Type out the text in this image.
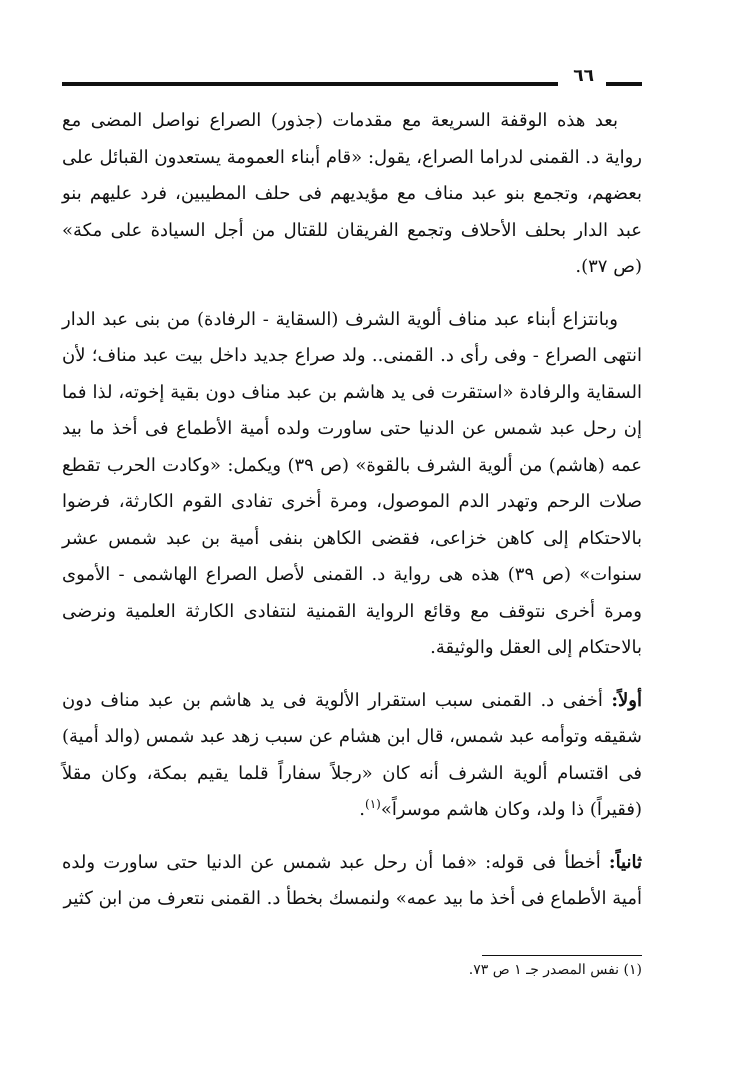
٦٦

بعد هذه الوقفة السريعة مع مقدمات (جذور) الصراع نواصل المضى مع رواية د. القمنى لدراما الصراع، يقول: «قام أبناء العمومة يستعدون القبائل على بعضهم، وتجمع بنو عبد مناف مع مؤيديهم فى حلف المطيبين، فرد عليهم بنو عبد الدار بحلف الأحلاف وتجمع الفريقان للقتال من أجل السيادة على مكة» (ص ٣٧).

وبانتزاع أبناء عبد مناف ألوية الشرف (السقاية - الرفادة) من بنى عبد الدار انتهى الصراع - وفى رأى د. القمنى.. ولد صراع جديد داخل بيت عبد مناف؛ لأن السقاية والرفادة «استقرت فى يد هاشم بن عبد مناف دون بقية إخوته، لذا فما إن رحل عبد شمس عن الدنيا حتى ساورت ولده أمية الأطماع فى أخذ ما بيد عمه (هاشم) من ألوية الشرف بالقوة» (ص ٣٩) ويكمل: «وكادت الحرب تقطع صلات الرحم وتهدر الدم الموصول، ومرة أخرى تفادى القوم الكارثة، فرضوا بالاحتكام إلى كاهن خزاعى، فقضى الكاهن بنفى أمية بن عبد شمس عشر سنوات» (ص ٣٩) هذه هى رواية د. القمنى لأصل الصراع الهاشمى - الأموى ومرة أخرى نتوقف مع وقائع الرواية القمنية لنتفادى الكارثة العلمية ونرضى بالاحتكام إلى العقل والوثيقة.

أولاً: أخفى د. القمنى سبب استقرار الألوية فى يد هاشم بن عبد مناف دون شقيقه وتوأمه عبد شمس، قال ابن هشام عن سبب زهد عبد شمس (والد أمية) فى اقتسام ألوية الشرف أنه كان «رجلاً سفاراً قلما يقيم بمكة، وكان مقلاً (فقيراً) ذا ولد، وكان هاشم موسراً»$^{(١)}$.

ثانياً: أخطأ فى قوله: «فما أن رحل عبد شمس عن الدنيا حتى ساورت ولده أمية الأطماع فى أخذ ما بيد عمه» ولنمسك بخطأ د. القمنى نتعرف من ابن كثير

(١) نفس المصدر جـ ١ ص ٧٣.
